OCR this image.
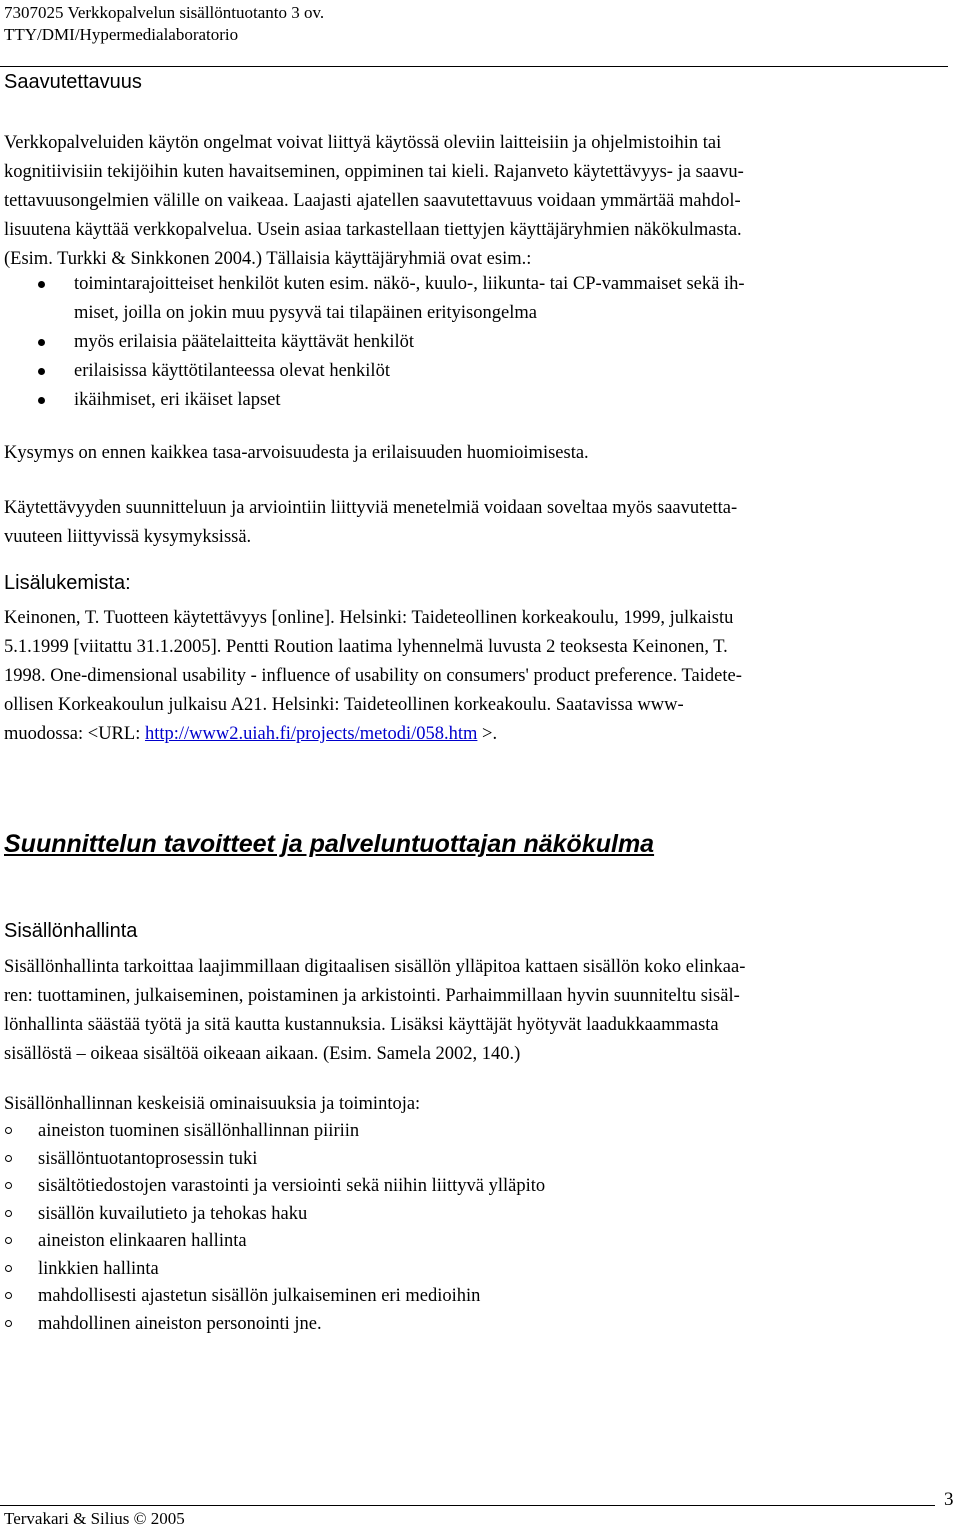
7307025 Verkkopalvelun sisällöntuotanto 3 ov.
TTY/DMI/Hypermedialaboratorio
Saavutettavuus

Verkkopalveluiden käytön ongelmat voivat liittyä käytössä oleviin laitteisiin ja ohjelmistoihin tai
kognitiivisiin tekijöihin kuten havaitseminen, oppiminen tai kieli. Rajanveto käytettävyys- ja saavu-
tettavuusongelmien välille on vaikeaa. Laajasti ajatellen saavutettavuus voidaan ymmärtää mahdol-
lisuutena käyttää verkkopalvelua. Usein asiaa tarkastellaan tiettyjen käyttäjäryhmien näkökulmasta.
(Esim. Turkki & Sinkkonen 2004.) Tällaisia käyttäjäryhmiä ovat esim.:

toimintarajoitteiset henkilöt kuten esim. näkö-, kuulo-, liikunta- tai CP-vammaiset sekä ih-
miset, joilla on jokin muu pysyvä tai tilapäinen erityisongelma
myös erilaisia päätelaitteita käyttävät henkilöt
erilaisissa käyttötilanteessa olevat henkilöt
ikäihmiset, eri ikäiset lapset

Kysymys on ennen kaikkea tasa-arvoisuudesta ja erilaisuuden huomioimisesta.

Käytettävyyden suunnitteluun ja arviointiin liittyviä menetelmiä voidaan soveltaa myös saavutetta-
vuuteen liittyvissä kysymyksissä.

Lisälukemista:

Keinonen, T. Tuotteen käytettävyys [online]. Helsinki: Taideteollinen korkeakoulu, 1999, julkaistu
5.1.1999 [viitattu 31.1.2005]. Pentti Roution laatima lyhennelmä luvusta 2 teoksesta Keinonen, T.
1998. One-dimensional usability - influence of usability on consumers' product preference. Taidete-
ollisen Korkeakoulun julkaisu A21. Helsinki: Taideteollinen korkeakoulu. Saatavissa www-
muodossa: <URL: http://www2.uiah.fi/projects/metodi/058.htm >.

Suunnittelun tavoitteet ja palveluntuottajan näkökulma
Sisällönhallinta

Sisällönhallinta tarkoittaa laajimmillaan digitaalisen sisällön ylläpitoa kattaen sisällön koko elinkaa-
ren: tuottaminen, julkaiseminen, poistaminen ja arkistointi. Parhaimmillaan hyvin suunniteltu sisäl-
lönhallinta säästää työtä ja sitä kautta kustannuksia. Lisäksi käyttäjät hyötyvät laadukkaammasta
sisällöstä – oikeaa sisältöä oikeaan aikaan. (Esim. Samela 2002, 140.)

Sisällönhallinnan keskeisiä ominaisuuksia ja toimintoja:

aineiston tuominen sisällönhallinnan piiriin
sisällöntuotantoprosessin tuki
sisältötiedostojen varastointi ja versiointi sekä niihin liittyvä ylläpito
sisällön kuvailutieto ja tehokas haku
aineiston elinkaaren hallinta
linkkien hallinta
mahdollisesti ajastetun sisällön julkaiseminen eri medioihin
mahdollinen aineiston personointi jne.
3
Tervakari & Silius © 2005
